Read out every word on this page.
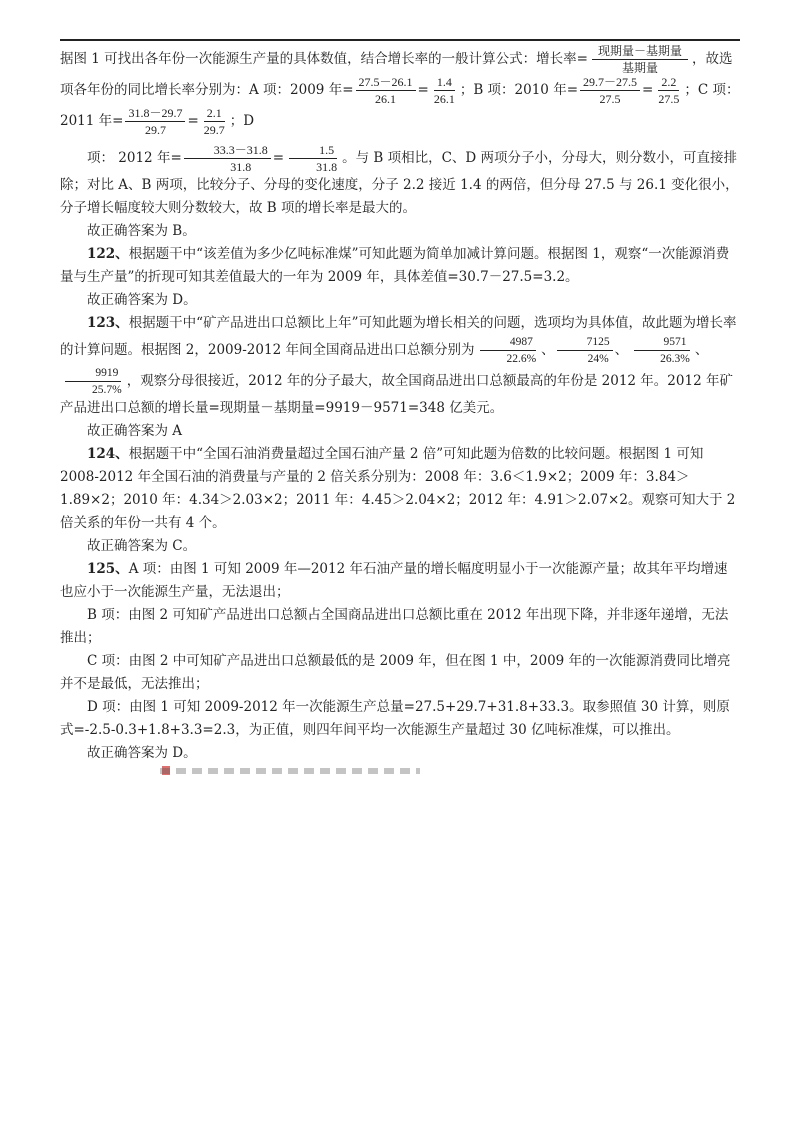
据图 1 可找出各年份一次能源生产量的具体数值，结合增长率的一般计算公式：增长率= $\frac{\text{现期量－基期量}}{\text{基期量}}$ ，故选项各年份的同比增长率分别为：A 项：2009 年= $\frac{27.5-26.1}{26.1} = \frac{1.4}{26.1}$ ；B 项：2010 年= $\frac{29.7-27.5}{27.5} = \frac{2.2}{27.5}$ ；C 项：2011 年= $\frac{31.8-29.7}{29.7} = \frac{2.1}{29.7}$ ；D

项： 2012 年= $\frac{33.3-31.8}{31.8} = \frac{1.5}{31.8}$ 。与 B 项相比，C、D 两项分子小，分母大，则分数小，可直接排除；对比 A、B 两项，比较分子、分母的变化速度，分子 2.2 接近 1.4 的两倍，但分母 27.5 与 26.1 变化很小，分子增长幅度较大则分数较大，故 B 项的增长率是最大的。

故正确答案为 B。

122、根据题干中“该差值为多少亿吨标准煤”可知此题为简单加减计算问题。根据图 1，观察“一次能源消费量与生产量”的折现可知其差值最大的一年为 2009 年，具体差值=30.7－27.5=3.2。

故正确答案为 D。

123、根据题干中“矿产品进出口总额比上年”可知此题为增长相关的问题，选项均为具体值，故此题为增长率的计算问题。根据图 2，2009-2012 年间全国商品进出口总额分别为 $\frac{4987}{22.6\%}$ 、 $\frac{7125}{24\%}$ 、 $\frac{9571}{26.3\%}$ 、
$\frac{9919}{25.7\%}$ ，观察分母很接近，2012 年的分子最大，故全国商品进出口总额最高的年份是 2012 年。2012 年矿产品进出口总额的增长量=现期量－基期量=9919－9571=348 亿美元。

故正确答案为 A

124、根据题干中“全国石油消费量超过全国石油产量 2 倍”可知此题为倍数的比较问题。根据图 1 可知 2008-2012 年全国石油的消费量与产量的 2 倍关系分别为：2008 年：3.6＜1.9×2；2009 年：3.84＞1.89×2；2010 年：4.34＞2.03×2；2011 年：4.45＞2.04×2；2012 年：4.91＞2.07×2。观察可知大于 2 倍关系的年份一共有 4 个。

故正确答案为 C。

125、A 项：由图 1 可知 2009 年—2012 年石油产量的增长幅度明显小于一次能源产量；故其年平均增速也应小于一次能源生产量，无法退出；

B 项：由图 2 可知矿产品进出口总额占全国商品进出口总额比重在 2012 年出现下降，并非逐年递增，无法推出；

C 项：由图 2 中可知矿产品进出口总额最低的是 2009 年，但在图 1 中，2009 年的一次能源消费同比增亮并不是最低，无法推出；

D 项：由图 1 可知 2009-2012 年一次能源生产总量=27.5+29.7+31.8+33.3。取参照值 30 计算，则原式=-2.5-0.3+1.8+3.3=2.3，为正值，则四年间平均一次能源生产量超过 30 亿吨标准煤，可以推出。

故正确答案为 D。
